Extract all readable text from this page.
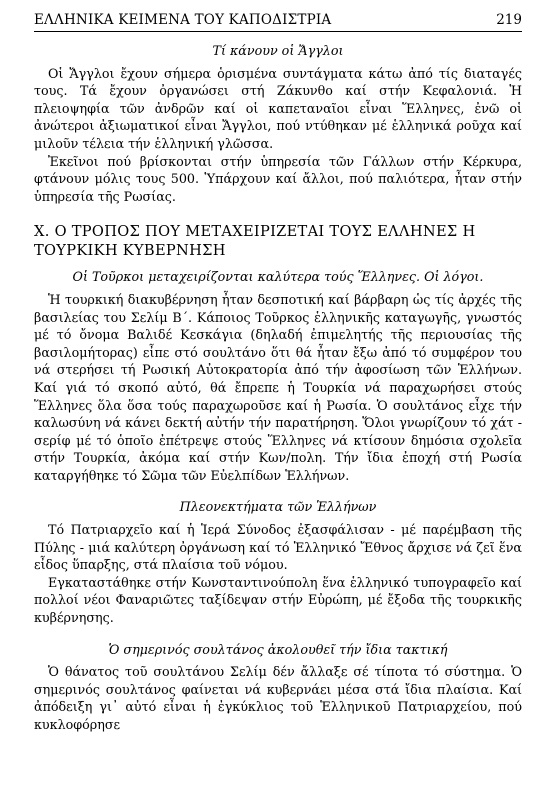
ΕΛΛΗΝΙΚΑ ΚΕΙΜΕΝΑ ΤΟΥ ΚΑΠΟΔΙΣΤΡΙΑ	219
Τί κάνουν οἱ Ἄγγλοι

Οἱ Ἄγγλοι ἔχουν σήμερα ὁρισμένα συντάγματα κάτω ἀπό τίς διαταγές τους. Τά ἔχουν ὀργανώσει στή Ζάκυνθο καί στήν Κεφαλονιά. Ἡ πλειοψηφία τῶν ἀνδρῶν καί οἱ καπεταναῖοι εἶναι Ἕλληνες, ἐνῶ οἱ ἀνώτεροι ἀξιωματικοί εἶναι Ἄγγλοι, πού ντύθηκαν μέ ἑλληνικά ροῦχα καί μιλοῦν τέλεια τήν ἑλληνική γλῶσσα.

Ἐκεῖνοι πού βρίσκονται στήν ὑπηρεσία τῶν Γάλλων στήν Κέρκυρα, φτάνουν μόλις τους 500. Ὑπάρχουν καί ἄλλοι, πού παλιότερα, ἦταν στήν ὑπηρεσία τῆς Ρωσίας.

Χ. Ο ΤΡΟΠΟΣ ΠΟΥ ΜΕΤΑΧΕΙΡΙΖΕΤΑΙ ΤΟΥΣ ΕΛΛΗΝΕΣ Η ΤΟΥΡΚΙΚΗ ΚΥΒΕΡΝΗΣΗ
Οἱ Τοῦρκοι μεταχειρίζονται καλύτερα τούς Ἕλληνες. Οἱ λόγοι.

Ἡ τουρκική διακυβέρνηση ἦταν δεσποτική καί βάρβαρη ὡς τίς ἀρχές τῆς βασιλείας του Σελίμ Β΄. Κάποιος Τοῦρκος ἑλληνικῆς καταγωγῆς, γνωστός μέ τό ὄνομα Βαλιδέ Κεσκάγια (δηλαδή ἐπιμελητής τῆς περιουσίας τῆς βασιλομήτορας) εἶπε στό σουλτάνο ὅτι θά ἦταν ἔξω ἀπό τό συμφέρον του νά στερήσει τή Ρωσική Αὐτοκρατορία ἀπό τήν ἀφοσίωση τῶν Ἑλλήνων. Καί γιά τό σκοπό αὐτό, θά ἔπρεπε ἡ Τουρκία νά παραχωρήσει στούς Ἕλληνες ὅλα ὅσα τούς παραχωροῦσε καί ἡ Ρωσία. Ὁ σουλτάνος εἶχε τήν καλωσύνη νά κάνει δεκτή αὐτήν τήν παρατήρηση. Ὅλοι γνωρίζουν τό χάτ - σερίφ μέ τό ὁποῖο ἐπέτρεψε στούς Ἕλληνες νά κτίσουν δημόσια σχολεῖα στήν Τουρκία, ἀκόμα καί στήν Κων/πολη. Τήν ἴδια ἐποχή στή Ρωσία καταργήθηκε τό Σῶμα τῶν Εὐελπίδων Ἑλλήνων.

Πλεονεκτήματα τῶν Ἑλλήνων

Τό Πατριαρχεῖο καί ἡ Ἱερά Σύνοδος ἐξασφάλισαν - μέ παρέμβαση τῆς Πύλης - μιά καλύτερη ὀργάνωση καί τό Ἑλληνικό Ἔθνος ἄρχισε νά ζεῖ ἕνα εἶδος ὕπαρξης, στά πλαίσια τοῦ νόμου.

Εγκαταστάθηκε στήν Κωνσταντινούπολη ἕνα ἑλληνικό τυπογραφεῖο καί πολλοί νέοι Φαναριῶτες ταξίδεψαν στήν Εὐρώπη, μέ ἔξοδα τῆς τουρκικῆς κυβέρνησης.

Ὁ σημερινός σουλτάνος ἀκολουθεῖ τήν ἴδια τακτική

Ὁ θάνατος τοῦ σουλτάνου Σελίμ δέν ἄλλαξε σέ τίποτα τό σύστημα. Ὁ σημερινός σουλτάνος φαίνεται νά κυβερνάει μέσα στά ἴδια πλαίσια. Καί ἀπόδειξη γι᾽ αὐτό εἶναι ἡ ἐγκύκλιος τοῦ Ἑλληνικοῦ Πατριαρχείου, πού κυκλοφόρησε
